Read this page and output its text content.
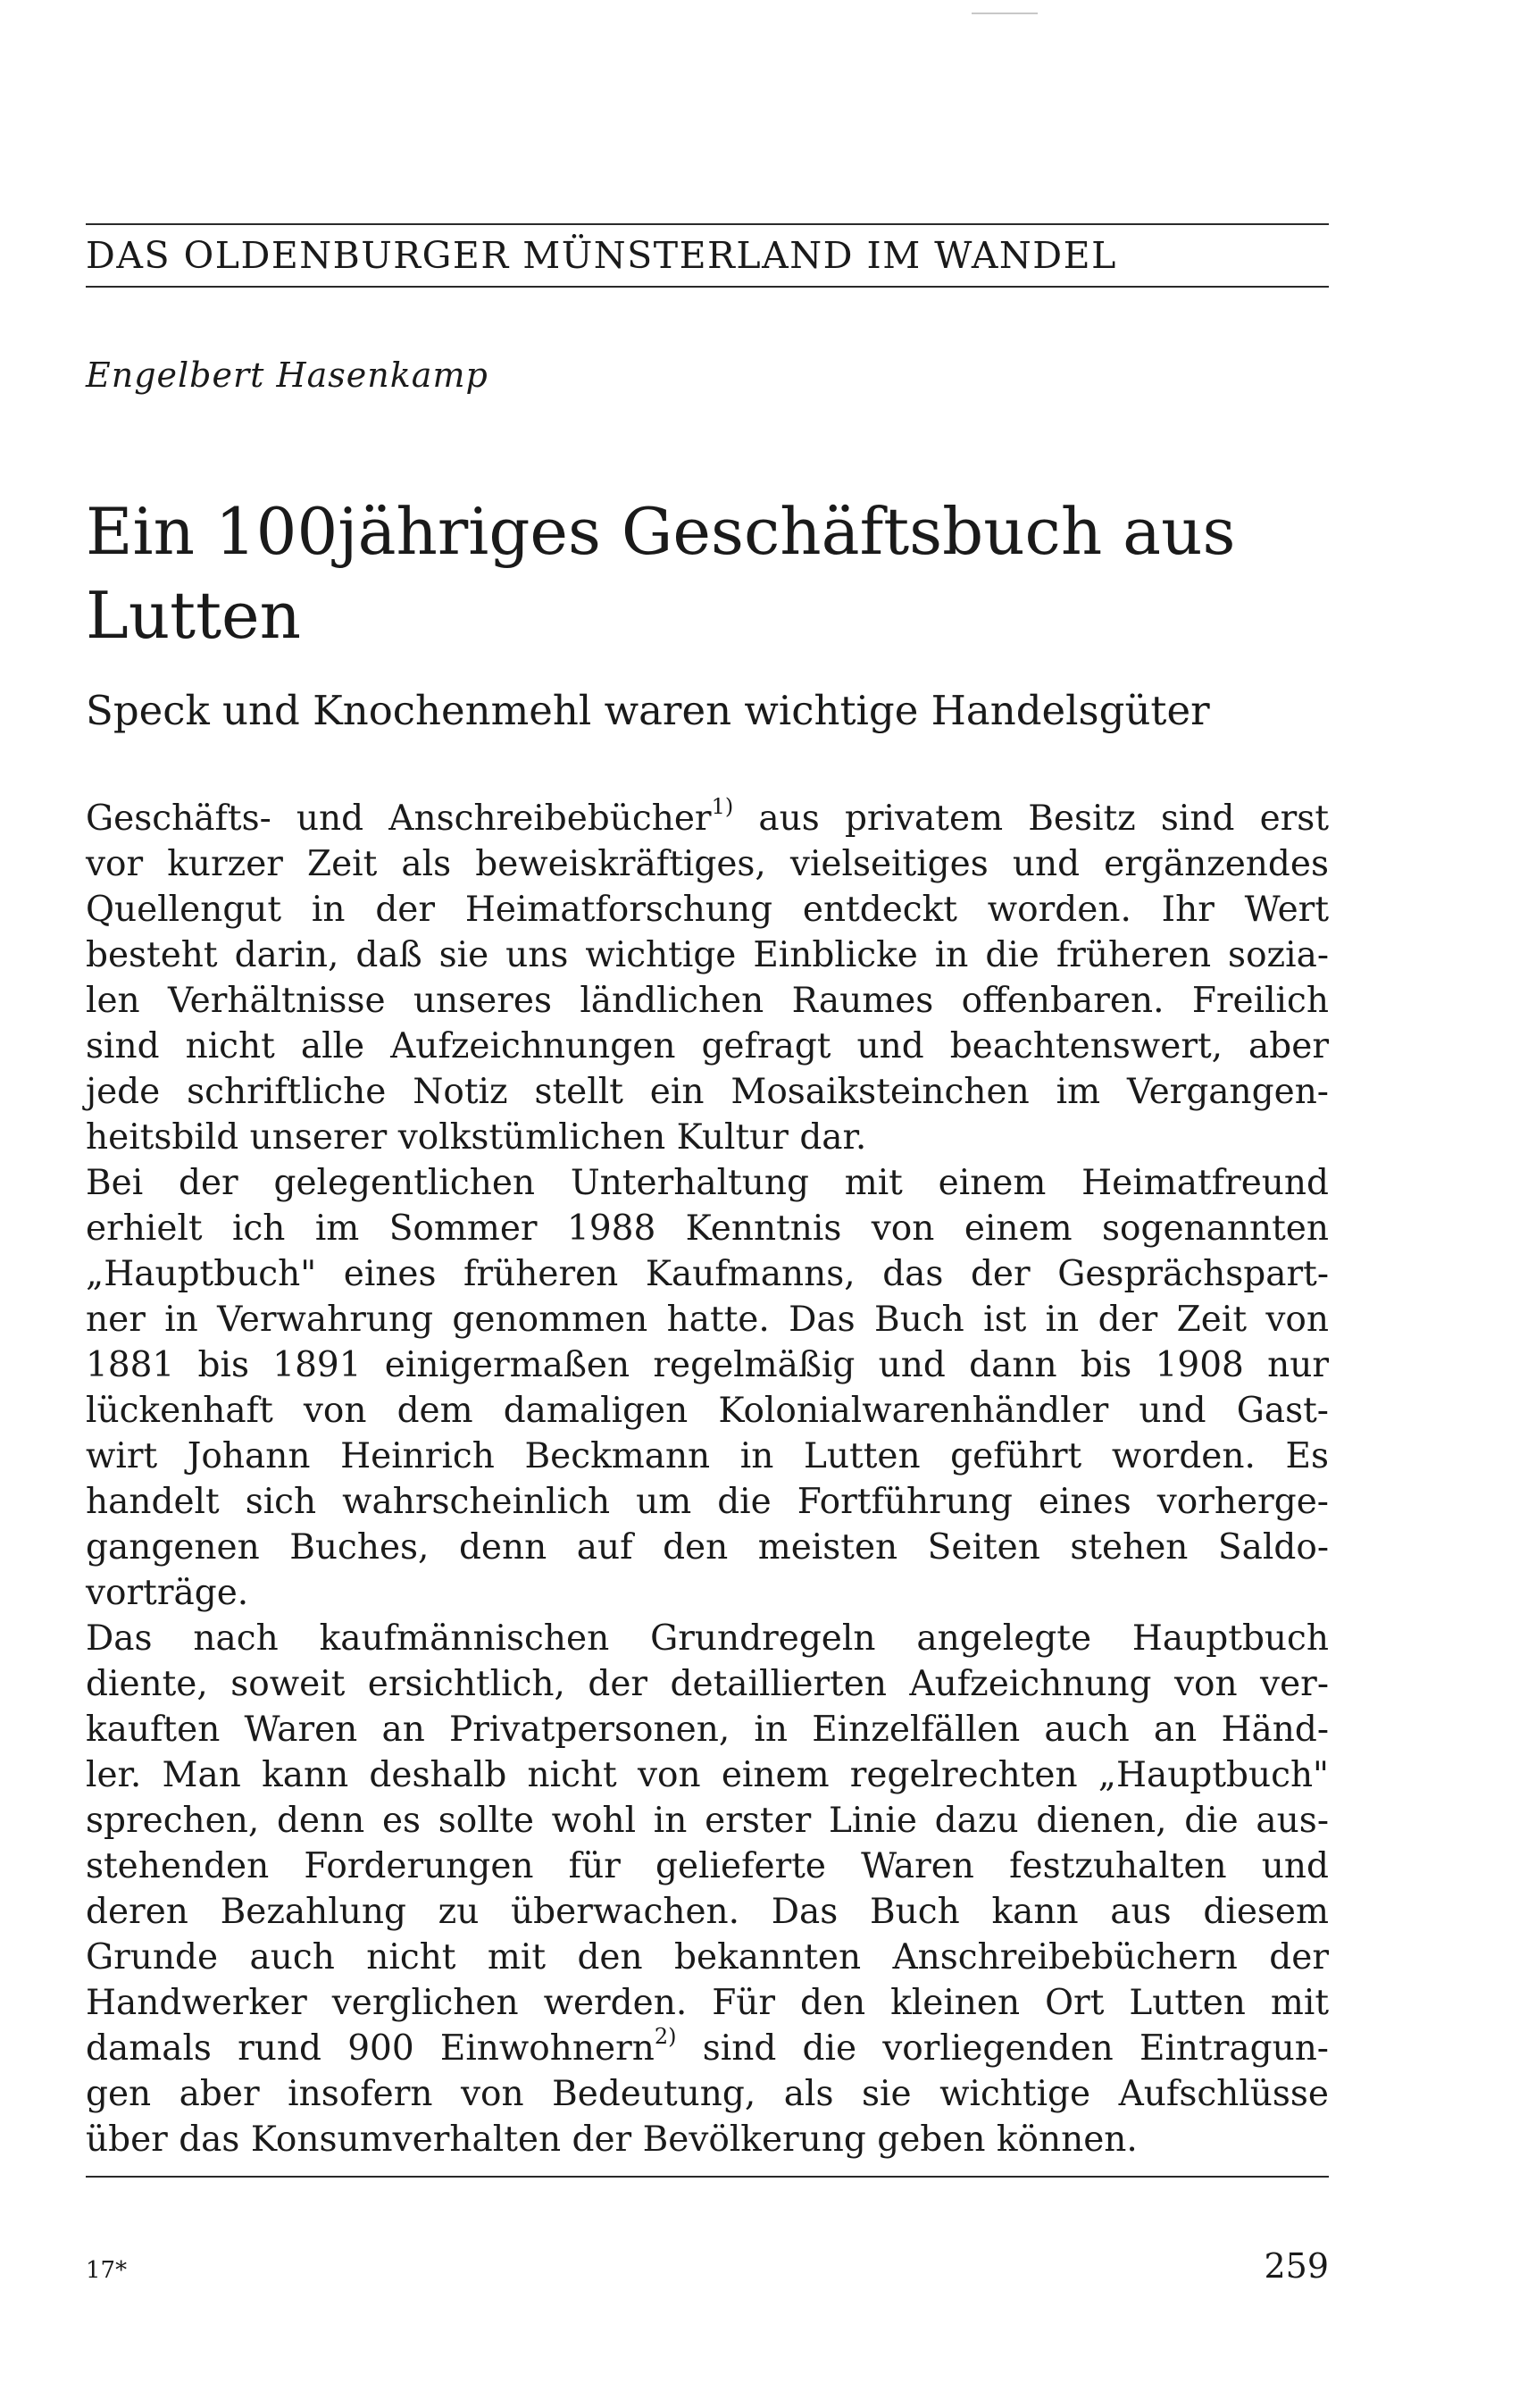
DAS OLDENBURGER MÜNSTERLAND IM WANDEL
Engelbert Hasenkamp
Ein 100jähriges Geschäftsbuch aus Lutten
Speck und Knochenmehl waren wichtige Handelsgüter
Geschäfts- und Anschreibebücher$^{1)}$ aus privatem Besitz sind erst
vor kurzer Zeit als beweiskräftiges, vielseitiges und ergänzendes
Quellengut in der Heimatforschung entdeckt worden. Ihr Wert
besteht darin, daß sie uns wichtige Einblicke in die früheren sozia-
len Verhältnisse unseres ländlichen Raumes offenbaren. Freilich
sind nicht alle Aufzeichnungen gefragt und beachtenswert, aber
jede schriftliche Notiz stellt ein Mosaiksteinchen im Vergangen-
heitsbild unserer volkstümlichen Kultur dar.
Bei der gelegentlichen Unterhaltung mit einem Heimatfreund
erhielt ich im Sommer 1988 Kenntnis von einem sogenannten
„Hauptbuch" eines früheren Kaufmanns, das der Gesprächspart-
ner in Verwahrung genommen hatte. Das Buch ist in der Zeit von
1881 bis 1891 einigermaßen regelmäßig und dann bis 1908 nur
lückenhaft von dem damaligen Kolonialwarenhändler und Gast-
wirt Johann Heinrich Beckmann in Lutten geführt worden. Es
handelt sich wahrscheinlich um die Fortführung eines vorherge-
gangenen Buches, denn auf den meisten Seiten stehen Saldo-
vorträge.
Das nach kaufmännischen Grundregeln angelegte Hauptbuch
diente, soweit ersichtlich, der detaillierten Aufzeichnung von ver-
kauften Waren an Privatpersonen, in Einzelfällen auch an Händ-
ler. Man kann deshalb nicht von einem regelrechten „Hauptbuch"
sprechen, denn es sollte wohl in erster Linie dazu dienen, die aus-
stehenden Forderungen für gelieferte Waren festzuhalten und
deren Bezahlung zu überwachen. Das Buch kann aus diesem
Grunde auch nicht mit den bekannten Anschreibebüchern der
Handwerker verglichen werden. Für den kleinen Ort Lutten mit
damals rund 900 Einwohnern$^{2)}$ sind die vorliegenden Eintragun-
gen aber insofern von Bedeutung, als sie wichtige Aufschlüsse
über das Konsumverhalten der Bevölkerung geben können.
17*	259
